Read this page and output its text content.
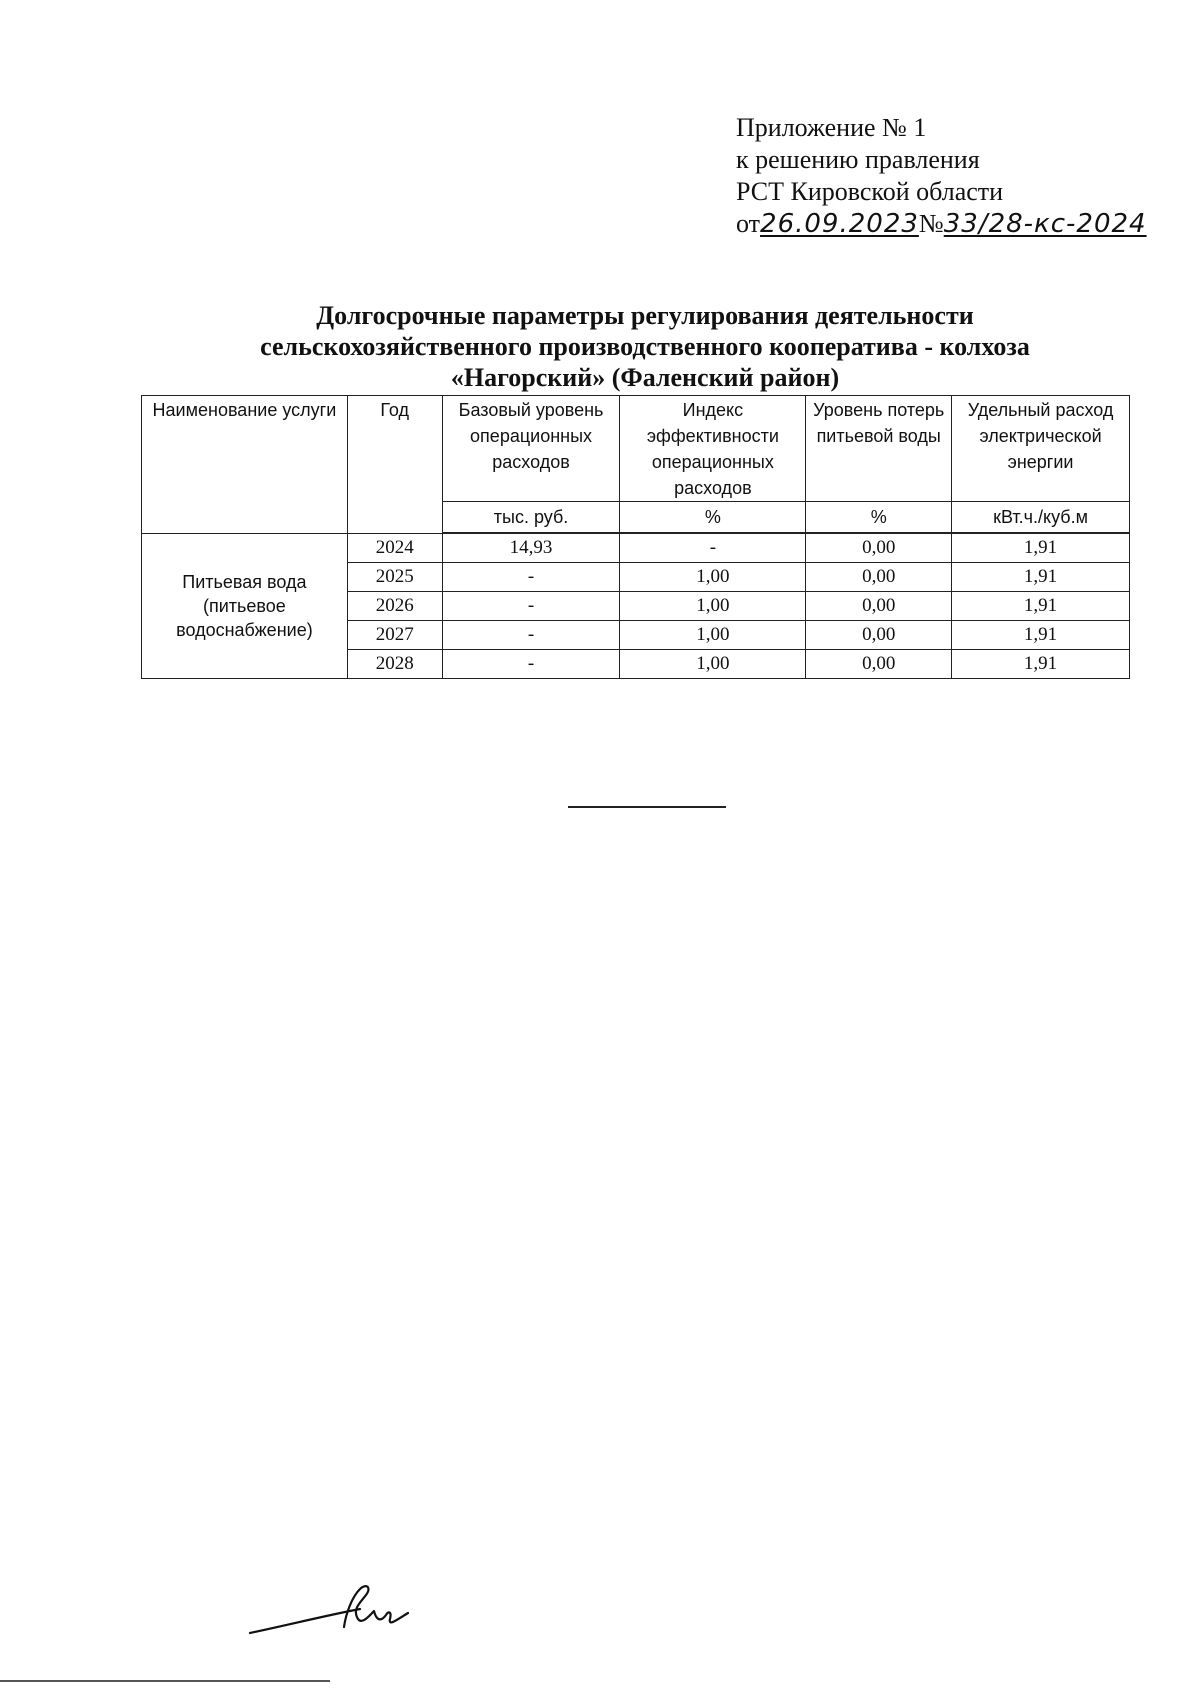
Приложение № 1
к решению правления
РСТ Кировской области
от26.09.2023№33/28-кс-2024
Долгосрочные параметры регулирования деятельности
сельскохозяйственного производственного кооператива - колхоза
«Нагорский» (Фаленский район)
Наименование услуги	Год	Базовый уровень операционных расходов	Индекс эффективности операционных расходов	Уровень потерь питьевой воды	Удельный расход электрической энергии
		тыс. руб.	%	%	кВт.ч./куб.м
Питьевая вода (питьевое водоснабжение)	2024	14,93	-	0,00	1,91
	2025	-	1,00	0,00	1,91
	2026	-	1,00	0,00	1,91
	2027	-	1,00	0,00	1,91
	2028	-	1,00	0,00	1,91
